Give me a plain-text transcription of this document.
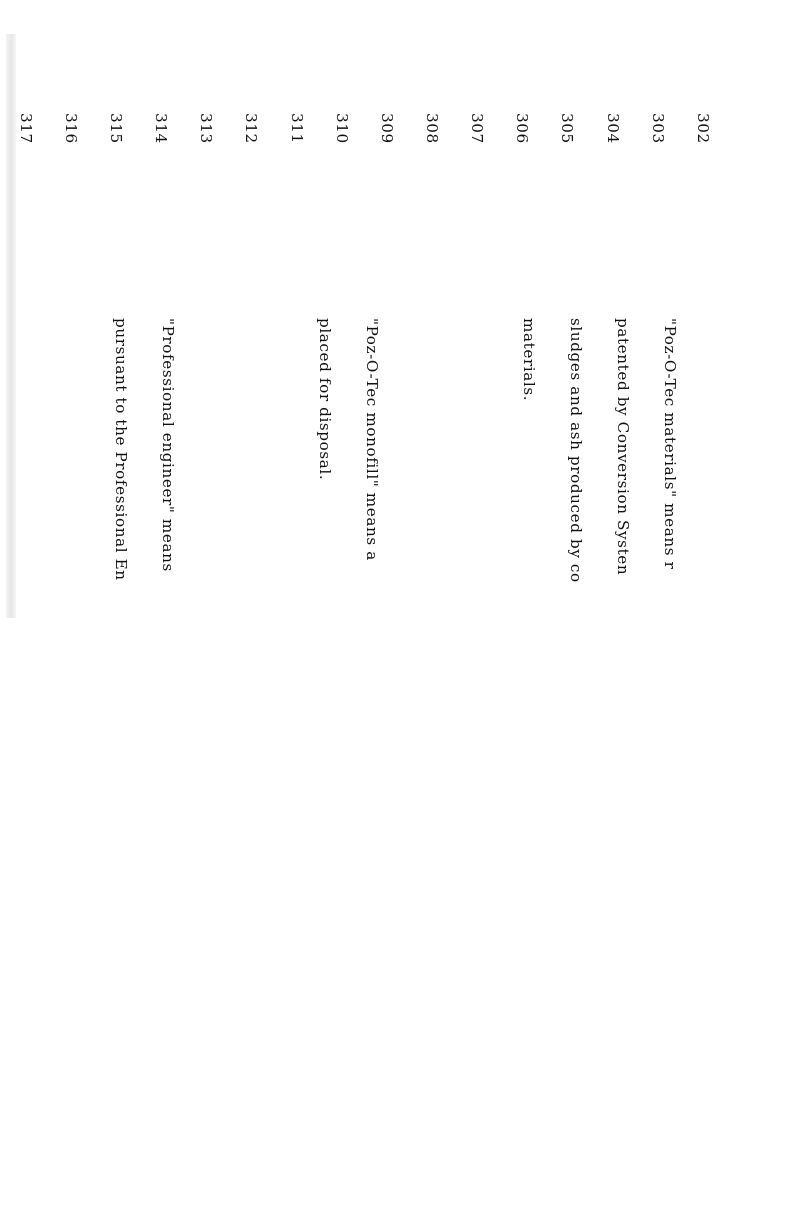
302

303

304

305

306

307

308

309

310

311

312

313

314

315

316

317

"Poz-O-Tec materials" means r

patented by Conversion Systen

sludges and ash produced by co

materials.

"Poz-O-Tec monofill" means a

placed for disposal.

"Professional engineer" means

pursuant to the Professional En
